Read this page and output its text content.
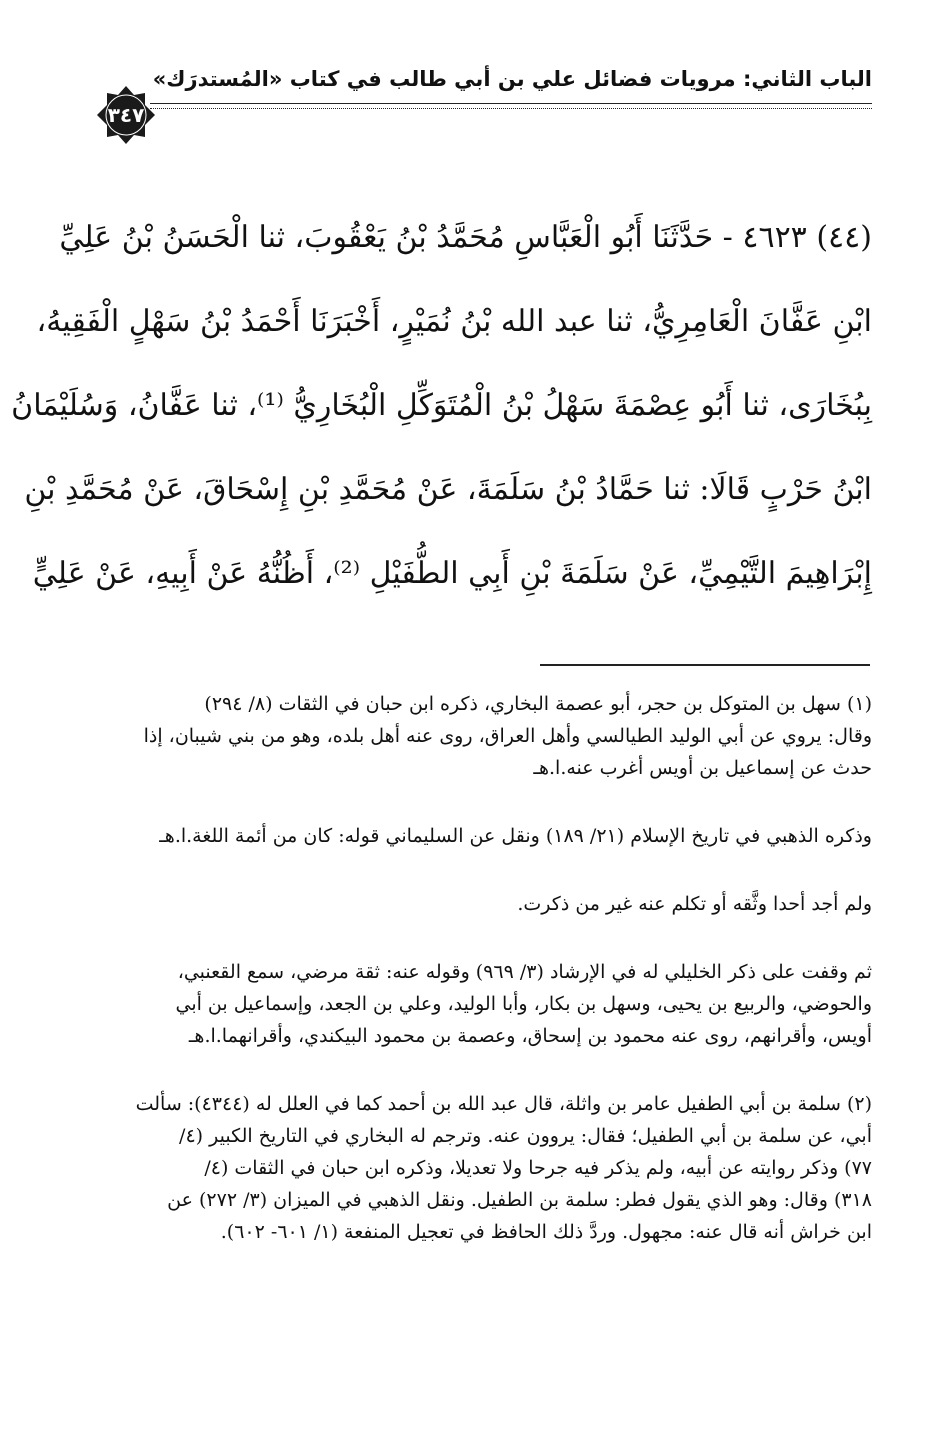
الباب الثاني: مرويات فضائل علي بن أبي طالب في كتاب «المُستدرَك»
٣٤٧
(٤٤) ٤٦٢٣ - حَدَّثَنَا أَبُو الْعَبَّاسِ مُحَمَّدُ بْنُ يَعْقُوبَ، ثنا الْحَسَنُ بْنُ عَلِيِّ
ابْنِ عَفَّانَ الْعَامِرِيُّ، ثنا عبد الله بْنُ نُمَيْرٍ، أَخْبَرَنَا أَحْمَدُ بْنُ سَهْلٍ الْفَقِيهُ،
بِبُخَارَى، ثنا أَبُو عِصْمَةَ سَهْلُ بْنُ الْمُتَوَكِّلِ الْبُخَارِيُّ ⁽¹⁾، ثنا عَفَّانُ، وَسُلَيْمَانُ
ابْنُ حَرْبٍ قَالَا: ثنا حَمَّادُ بْنُ سَلَمَةَ، عَنْ مُحَمَّدِ بْنِ إِسْحَاقَ، عَنْ مُحَمَّدِ بْنِ
إِبْرَاهِيمَ التَّيْمِيِّ، عَنْ سَلَمَةَ بْنِ أَبِي الطُّفَيْلِ ⁽²⁾، أَظُنُّهُ عَنْ أَبِيهِ، عَنْ عَلِيٍّ
(١) سهل بن المتوكل بن حجر، أبو عصمة البخاري، ذكره ابن حبان في الثقات (٨/ ٢٩٤)
وقال: يروي عن أبي الوليد الطيالسي وأهل العراق، روى عنه أهل بلده، وهو من بني شيبان، إذا
حدث عن إسماعيل بن أويس أغرب عنه.ا.هـ
وذكره الذهبي في تاريخ الإسلام (٢١/ ١٨٩) ونقل عن السليماني قوله: كان من أئمة اللغة.ا.هـ
ولم أجد أحدا وثَّقه أو تكلم عنه غير من ذكرت.
ثم وقفت على ذكر الخليلي له في الإرشاد (٣/ ٩٦٩) وقوله عنه: ثقة مرضي، سمع القعنبي،
والحوضي، والربيع بن يحيى، وسهل بن بكار، وأبا الوليد، وعلي بن الجعد، وإسماعيل بن أبي
أويس، وأقرانهم، روى عنه محمود بن إسحاق، وعصمة بن محمود البيكندي، وأقرانهما.ا.هـ
(٢) سلمة بن أبي الطفيل عامر بن واثلة، قال عبد الله بن أحمد كما في العلل له (٤٣٤٤): سألت
أبي، عن سلمة بن أبي الطفيل؛ فقال: يروون عنه. وترجم له البخاري في التاريخ الكبير (٤/
٧٧) وذكر روايته عن أبيه، ولم يذكر فيه جرحا ولا تعديلا، وذكره ابن حبان في الثقات (٤/
٣١٨) وقال: وهو الذي يقول فطر: سلمة بن الطفيل. ونقل الذهبي في الميزان (٣/ ٢٧٢) عن
ابن خراش أنه قال عنه: مجهول. وردَّ ذلك الحافظ في تعجيل المنفعة (١/ ٦٠١- ٦٠٢).
